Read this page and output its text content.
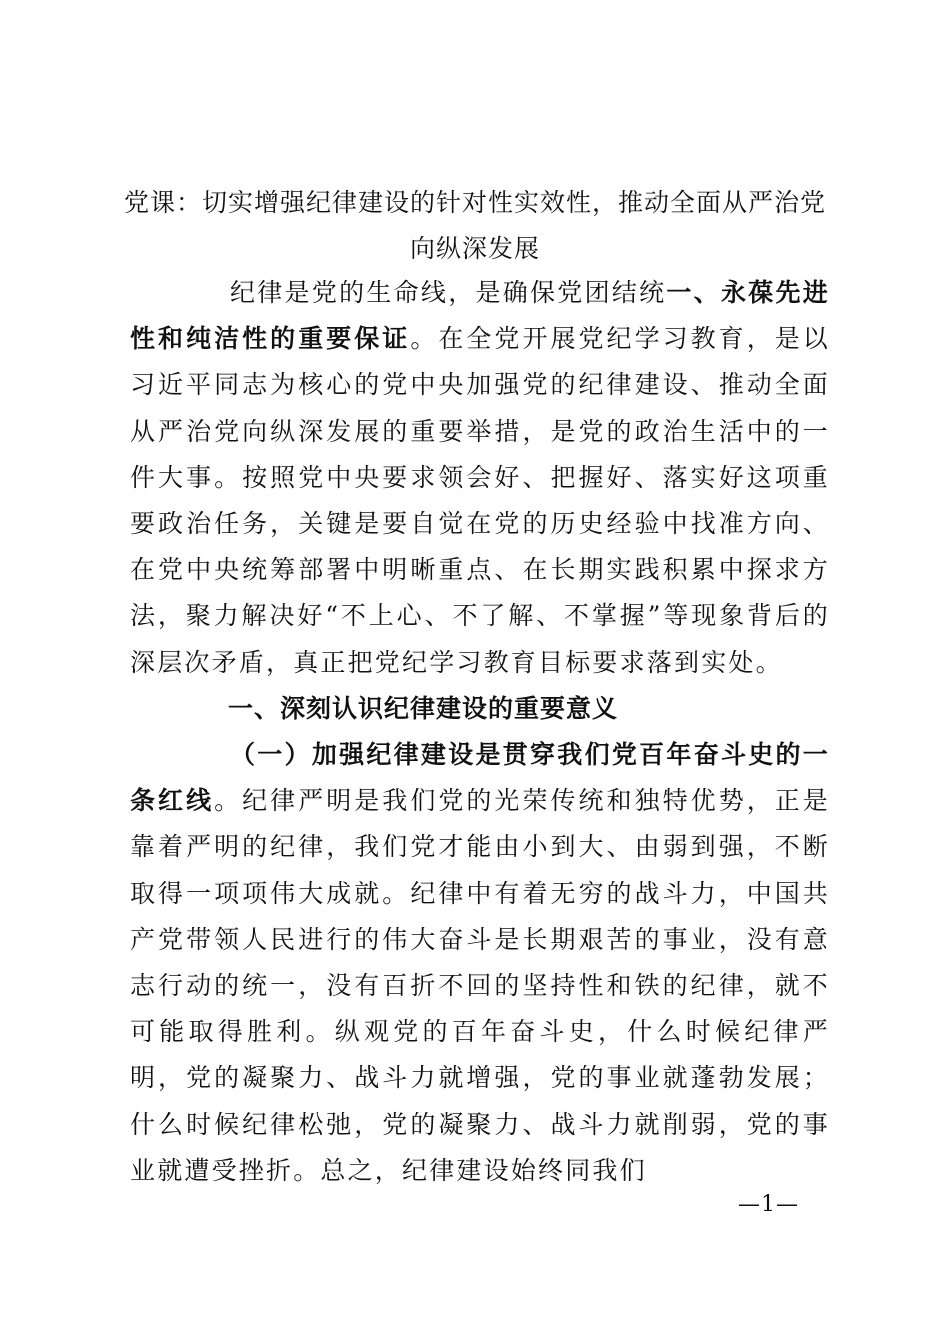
党课：切实增强纪律建设的针对性实效性，推动全面从严治党
向纵深发展

纪律是党的生命线，是确保党团结统一、永葆先进性和纯洁性的重要保证。在全党开展党纪学习教育，是以习近平同志为核心的党中央加强党的纪律建设、推动全面从严治党向纵深发展的重要举措，是党的政治生活中的一件大事。按照党中央要求领会好、把握好、落实好这项重要政治任务，关键是要自觉在党的历史经验中找准方向、在党中央统筹部署中明晰重点、在长期实践积累中探求方法，聚力解决好“不上心、不了解、不掌握”等现象背后的深层次矛盾，真正把党纪学习教育目标要求落到实处。

一、深刻认识纪律建设的重要意义

（一）加强纪律建设是贯穿我们党百年奋斗史的一条红线。纪律严明是我们党的光荣传统和独特优势，正是靠着严明的纪律，我们党才能由小到大、由弱到强，不断取得一项项伟大成就。纪律中有着无穷的战斗力，中国共产党带领人民进行的伟大奋斗是长期艰苦的事业，没有意志行动的统一，没有百折不回的坚持性和铁的纪律，就不可能取得胜利。纵观党的百年奋斗史，什么时候纪律严明，党的凝聚力、战斗力就增强，党的事业就蓬勃发展；什么时候纪律松弛，党的凝聚力、战斗力就削弱，党的事业就遭受挫折。总之，纪律建设始终同我们

—1—
